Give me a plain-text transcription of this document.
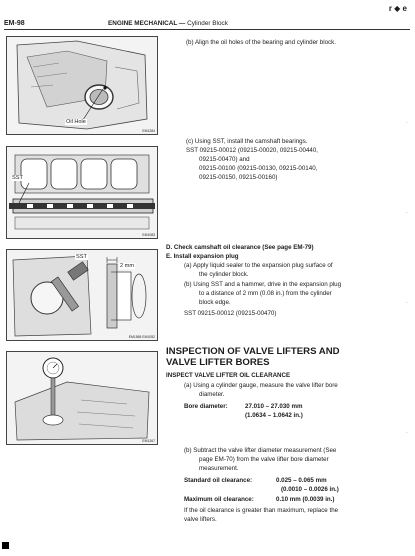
EM-98	ENGINE MECHANICAL — Cylinder Block
r ◆ e
Oil Hole
EM1284
SST
EM1083
SST
2 mm
EM1565 EM1052
EM1267
(b) Align the oil holes of the bearing and cylinder block.
(c) Using SST, install the camshaft bearings.
SST 09215-00012 (09215-00020, 09215-00440,
09215-00470) and
09215-00100 (09215-00130, 09215-00140,
09215-00150, 09215-00160)
D. Check camshaft oil clearance (See page EM-79)
E. Install expansion plug
(a) Apply liquid sealer to the expansion plug surface of
the cylinder block.
(b) Using SST and a hammer, drive in the expansion plug
to a distance of 2 mm (0.08 in.) from the cylinder
block edge.
SST 09215-00012 (09215-00470)
INSPECTION OF VALVE LIFTERS AND
VALVE LIFTER BORES
INSPECT VALVE LIFTER OIL CLEARANCE
(a) Using a cylinder gauge, measure the valve lifter bore
diameter.
Bore diameter:	27.010 – 27.030 mm
(1.0634 – 1.0642 in.)
(b) Subtract the valve lifter diameter measurement (See
page EM-70) from the valve lifter bore diameter
measurement.
Standard oil clearance:	0.025 – 0.065 mm
(0.0010 – 0.0026 in.)
Maximum oil clearance:	0.10 mm (0.0039 in.)
If the oil clearance is greater than maximum, replace the
valve lifters.
·
·
·
·
